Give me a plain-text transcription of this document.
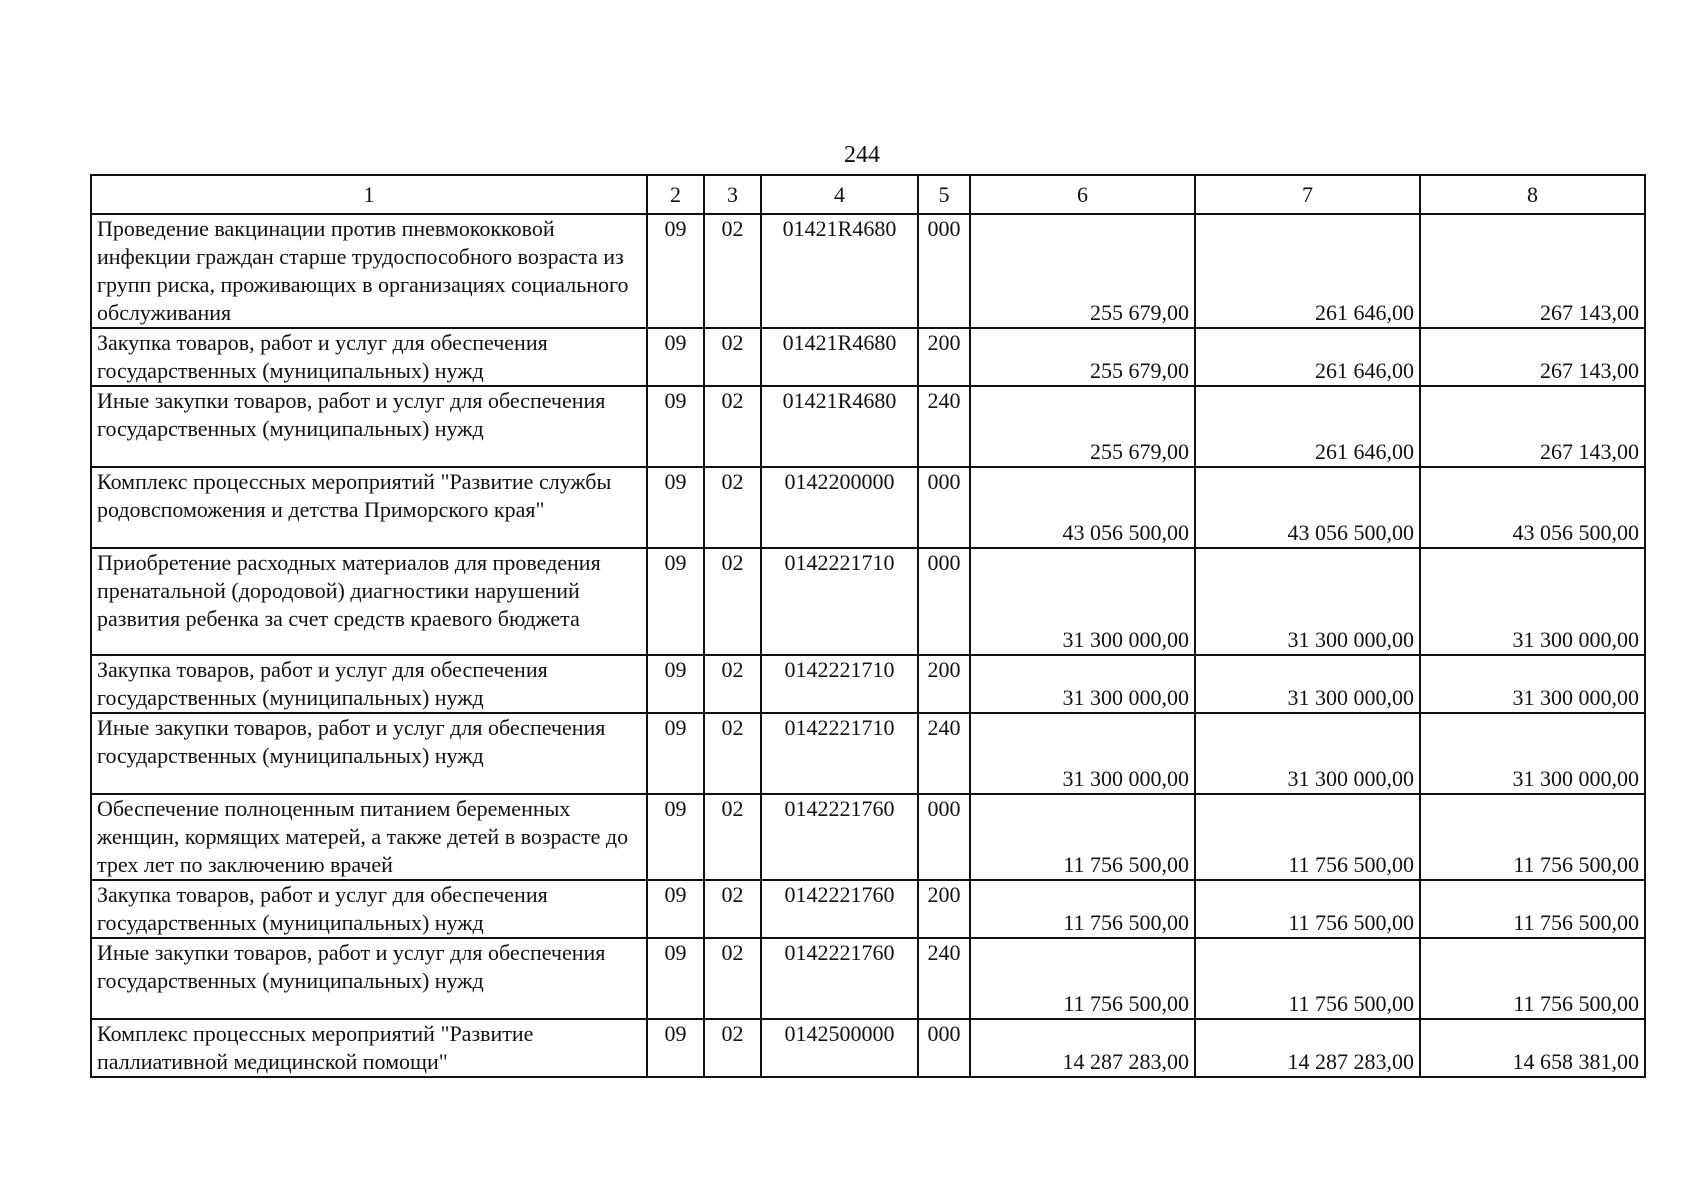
244
1	2	3	4	5	6	7	8
Проведение вакцинации против пневмококковой инфекции граждан старше трудоспособного возраста из групп риска, проживающих в организациях социального обслуживания	09	02	01421R4680	000	255 679,00	261 646,00	267 143,00
Закупка товаров, работ и услуг для обеспечения государственных (муниципальных) нужд	09	02	01421R4680	200	255 679,00	261 646,00	267 143,00
Иные закупки товаров, работ и услуг для обеспечения государственных (муниципальных) нужд	09	02	01421R4680	240	255 679,00	261 646,00	267 143,00
Комплекс процессных мероприятий "Развитие службы родовспоможения и детства Приморского края"	09	02	0142200000	000	43 056 500,00	43 056 500,00	43 056 500,00
Приобретение расходных материалов для проведения пренатальной (дородовой) диагностики нарушений развития ребенка за счет средств краевого бюджета	09	02	0142221710	000	31 300 000,00	31 300 000,00	31 300 000,00
Закупка товаров, работ и услуг для обеспечения государственных (муниципальных) нужд	09	02	0142221710	200	31 300 000,00	31 300 000,00	31 300 000,00
Иные закупки товаров, работ и услуг для обеспечения государственных (муниципальных) нужд	09	02	0142221710	240	31 300 000,00	31 300 000,00	31 300 000,00
Обеспечение полноценным питанием беременных женщин, кормящих матерей, а также детей в возрасте до трех лет по заключению врачей	09	02	0142221760	000	11 756 500,00	11 756 500,00	11 756 500,00
Закупка товаров, работ и услуг для обеспечения государственных (муниципальных) нужд	09	02	0142221760	200	11 756 500,00	11 756 500,00	11 756 500,00
Иные закупки товаров, работ и услуг для обеспечения государственных (муниципальных) нужд	09	02	0142221760	240	11 756 500,00	11 756 500,00	11 756 500,00
Комплекс процессных мероприятий "Развитие паллиативной медицинской помощи"	09	02	0142500000	000	14 287 283,00	14 287 283,00	14 658 381,00
